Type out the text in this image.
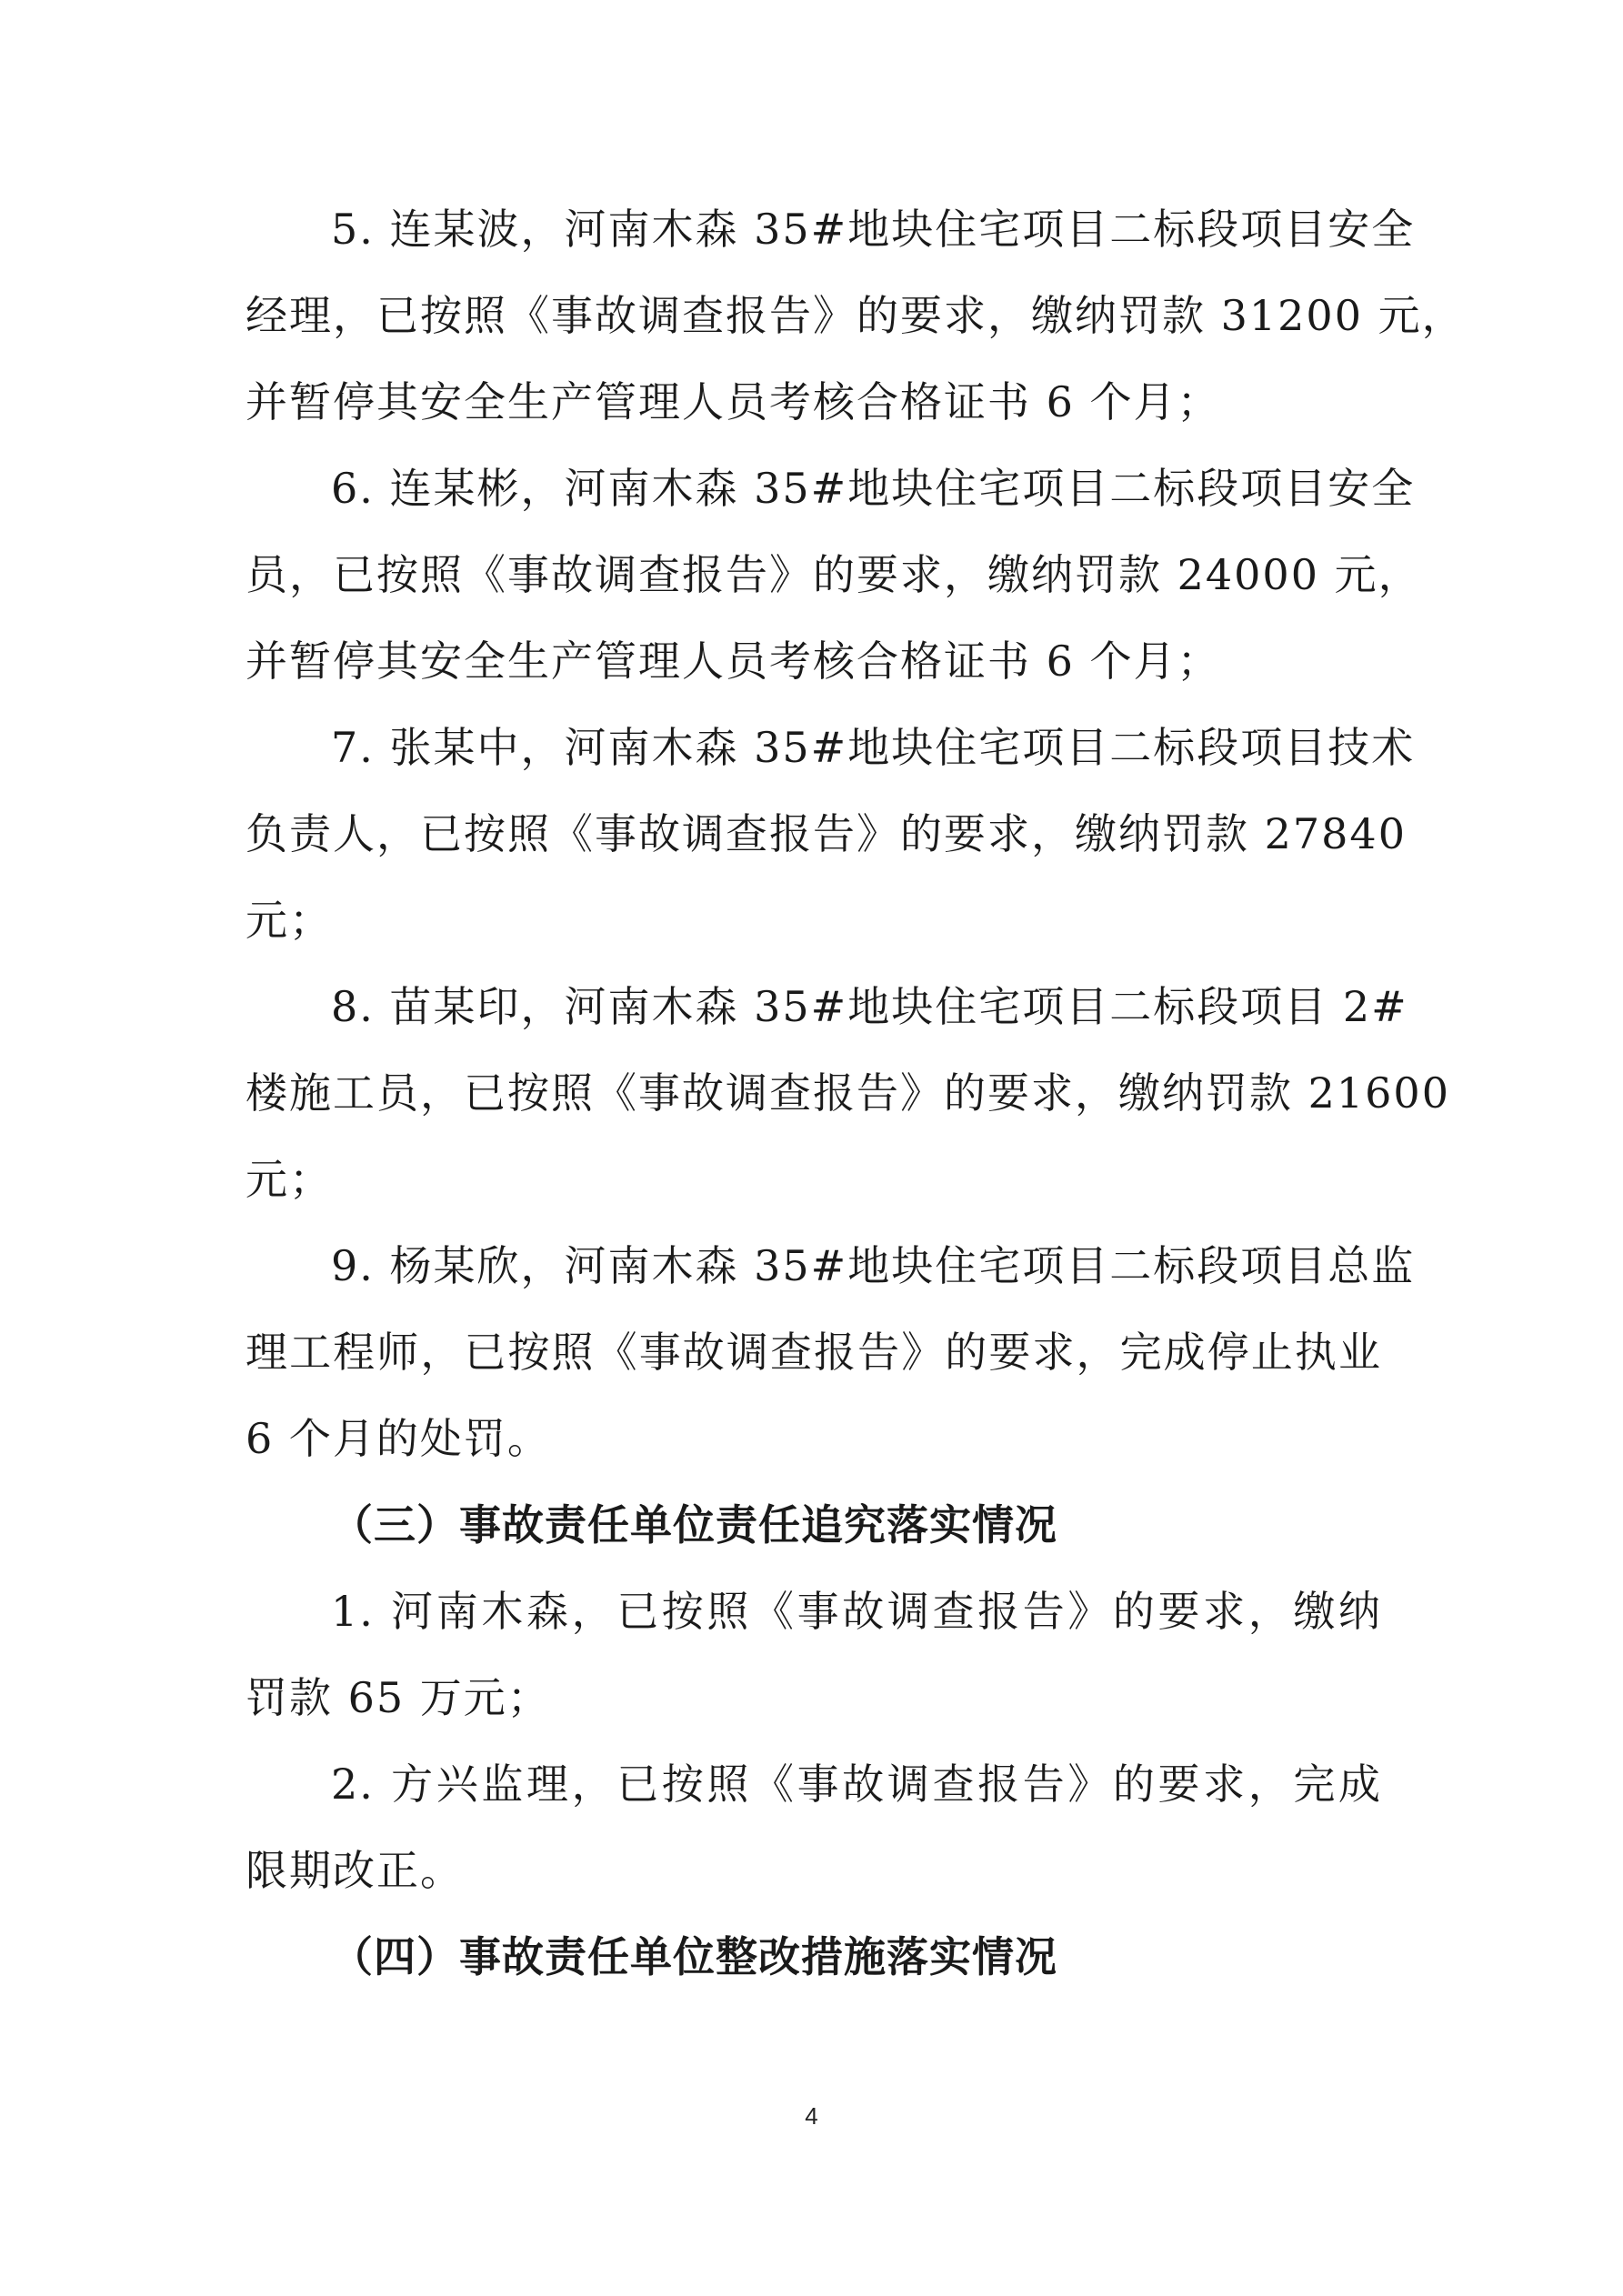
5. 连某波，河南木森 35#地块住宅项目二标段项目安全
经理，已按照《事故调查报告》的要求，缴纳罚款 31200 元，
并暂停其安全生产管理人员考核合格证书 6 个月；
6. 连某彬，河南木森 35#地块住宅项目二标段项目安全
员，已按照《事故调查报告》的要求，缴纳罚款 24000 元，
并暂停其安全生产管理人员考核合格证书 6 个月；
7. 张某中，河南木森 35#地块住宅项目二标段项目技术
负责人，已按照《事故调查报告》的要求，缴纳罚款 27840
元；
8. 苗某印，河南木森 35#地块住宅项目二标段项目 2#
楼施工员，已按照《事故调查报告》的要求，缴纳罚款 21600
元；
9. 杨某欣，河南木森 35#地块住宅项目二标段项目总监
理工程师，已按照《事故调查报告》的要求，完成停止执业
6 个月的处罚。
（三）事故责任单位责任追究落实情况
1. 河南木森，已按照《事故调查报告》的要求，缴纳
罚款 65 万元；
2. 方兴监理，已按照《事故调查报告》的要求，完成
限期改正。
（四）事故责任单位整改措施落实情况
4
